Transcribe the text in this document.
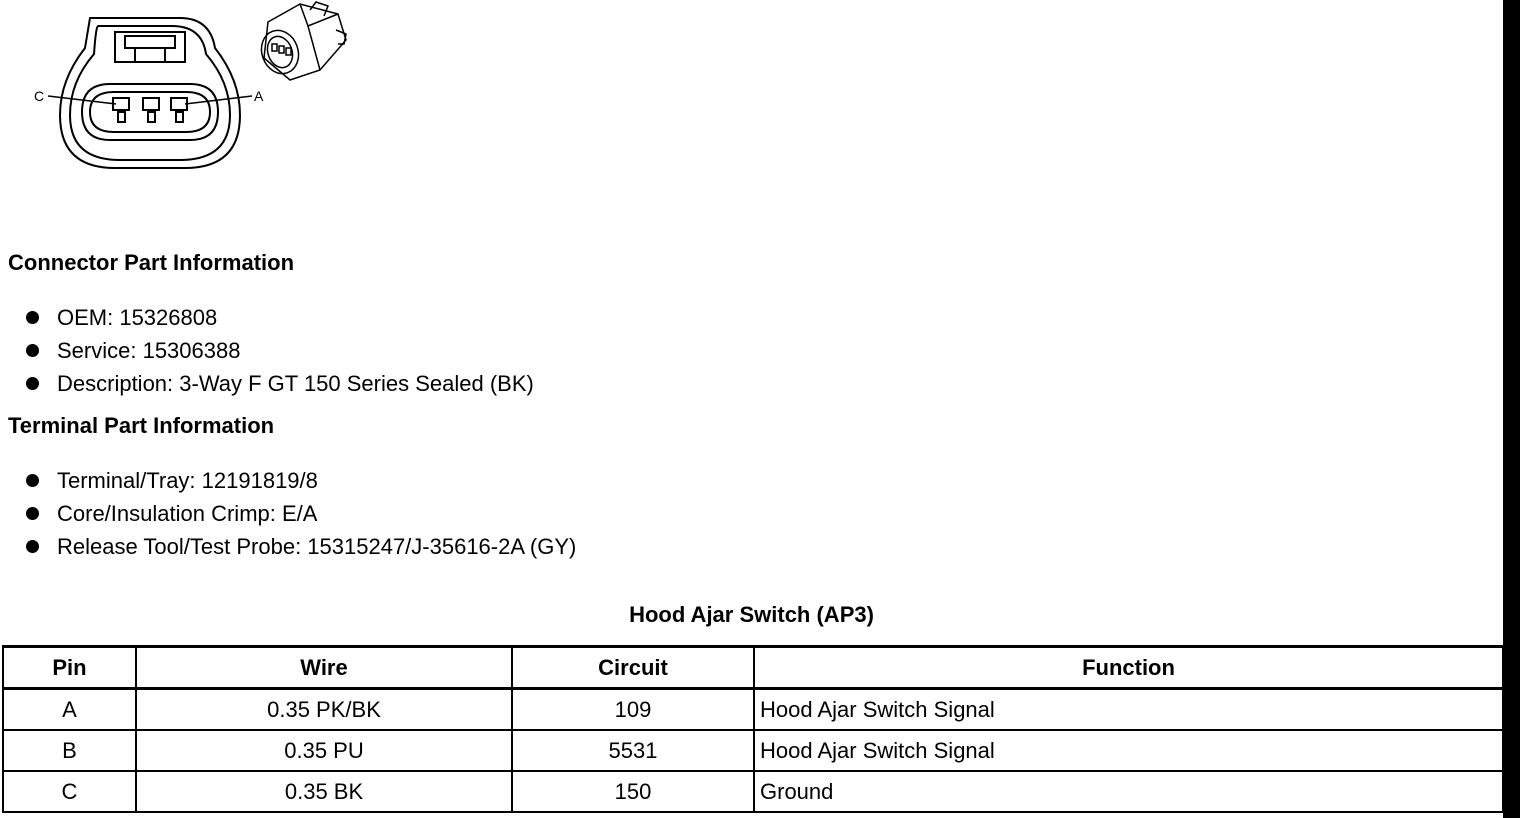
C	A
Connector Part Information
OEM: 15326808
Service: 15306388
Description: 3-Way F GT 150 Series Sealed (BK)
Terminal Part Information
Terminal/Tray: 12191819/8
Core/Insulation Crimp: E/A
Release Tool/Test Probe: 15315247/J-35616-2A (GY)
Hood Ajar Switch (AP3)
Pin	Wire	Circuit	Function
A	0.35 PK/BK	109	Hood Ajar Switch Signal
B	0.35 PU	5531	Hood Ajar Switch Signal
C	0.35 BK	150	Ground
